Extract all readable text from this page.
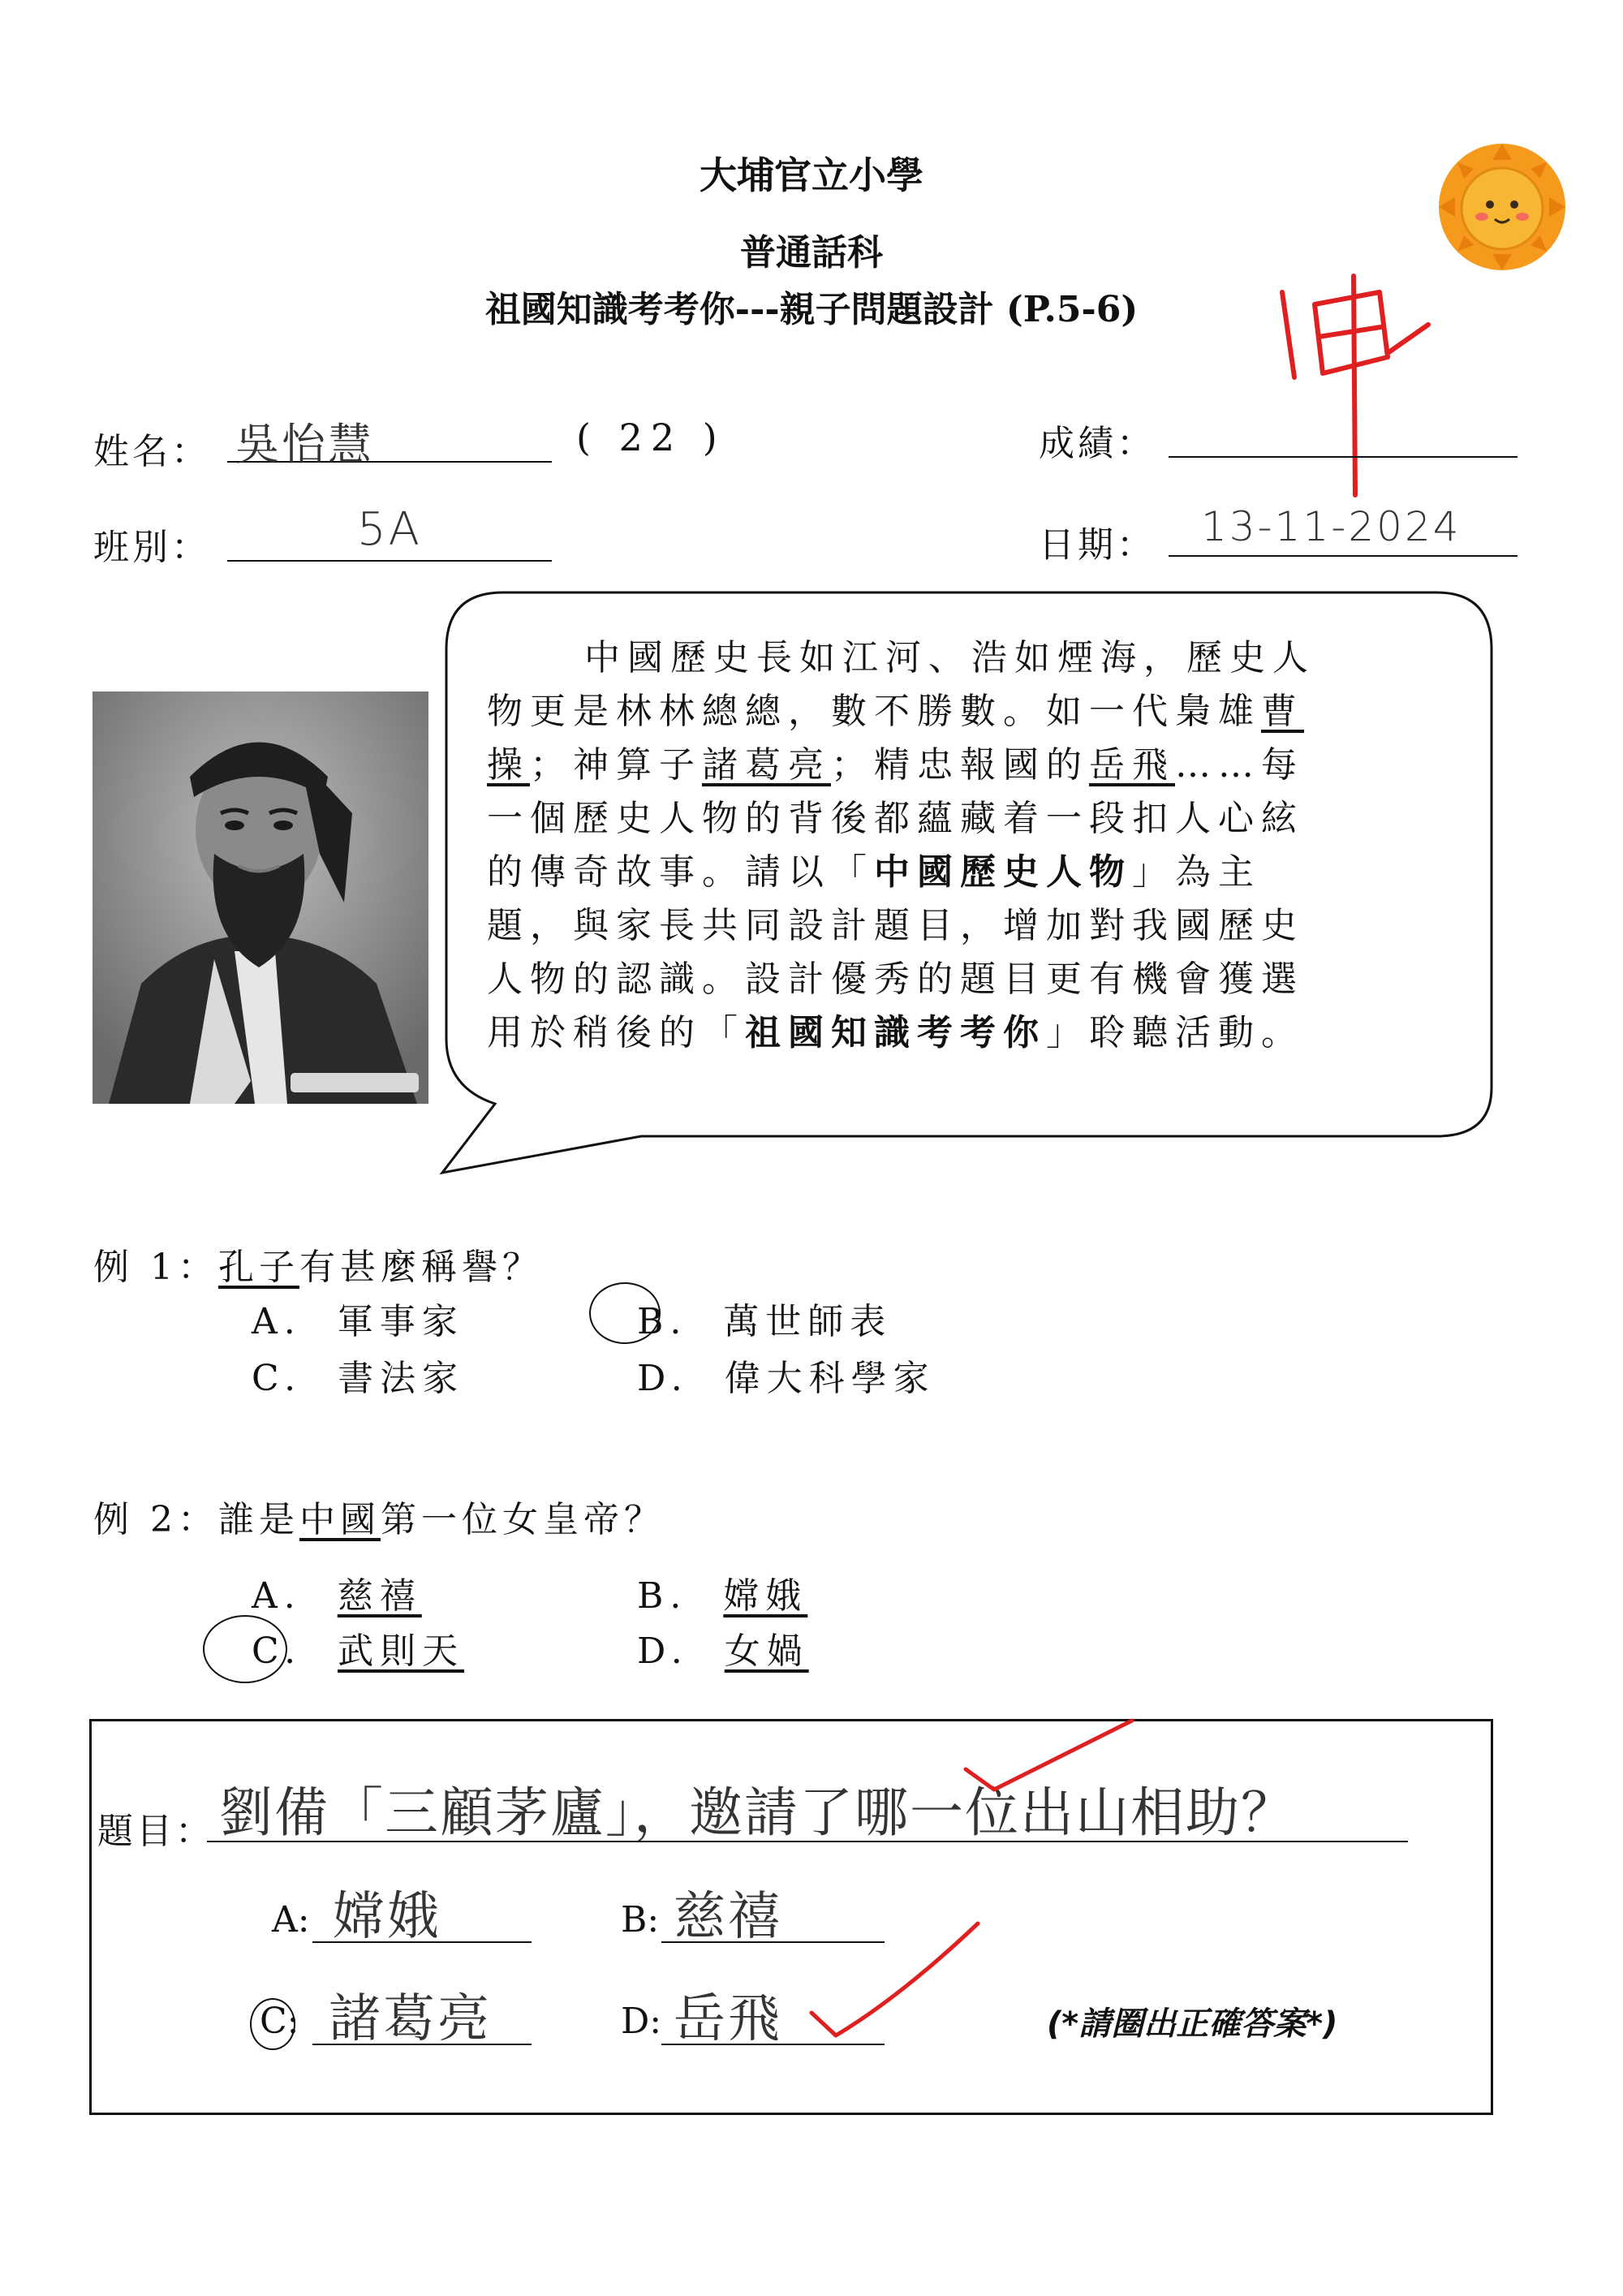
大埔官立小學
普通話科
祖國知識考考你---親子問題設計 (P.5-6)
姓名： 吳怡慧	( 22 )
班別：	5A
成績：
日期： 13-11-2024
中國歷史長如江河、浩如煙海，歷史人
物更是林林總總，數不勝數。如一代梟雄曹
操；神算子諸葛亮；精忠報國的岳飛……每
一個歷史人物的背後都蘊藏着一段扣人心絃
的傳奇故事。請以「中國歷史人物」為主
題，與家長共同設計題目，增加對我國歷史
人物的認識。設計優秀的題目更有機會獲選
用於稍後的「祖國知識考考你」聆聽活動。
例 1：孔子有甚麼稱譽？
A. 軍事家	B. 萬世師表
C. 書法家	D. 偉大科學家
例 2：誰是中國第一位女皇帝？
A. 慈禧	B. 嫦娥
C. 武則天	D. 女媧
題目： 劉備「三顧茅廬」，邀請了哪一位出山相助？
A: 嫦娥	B: 慈禧
C: 諸葛亮	D: 岳飛	(*請圈出正確答案*)
